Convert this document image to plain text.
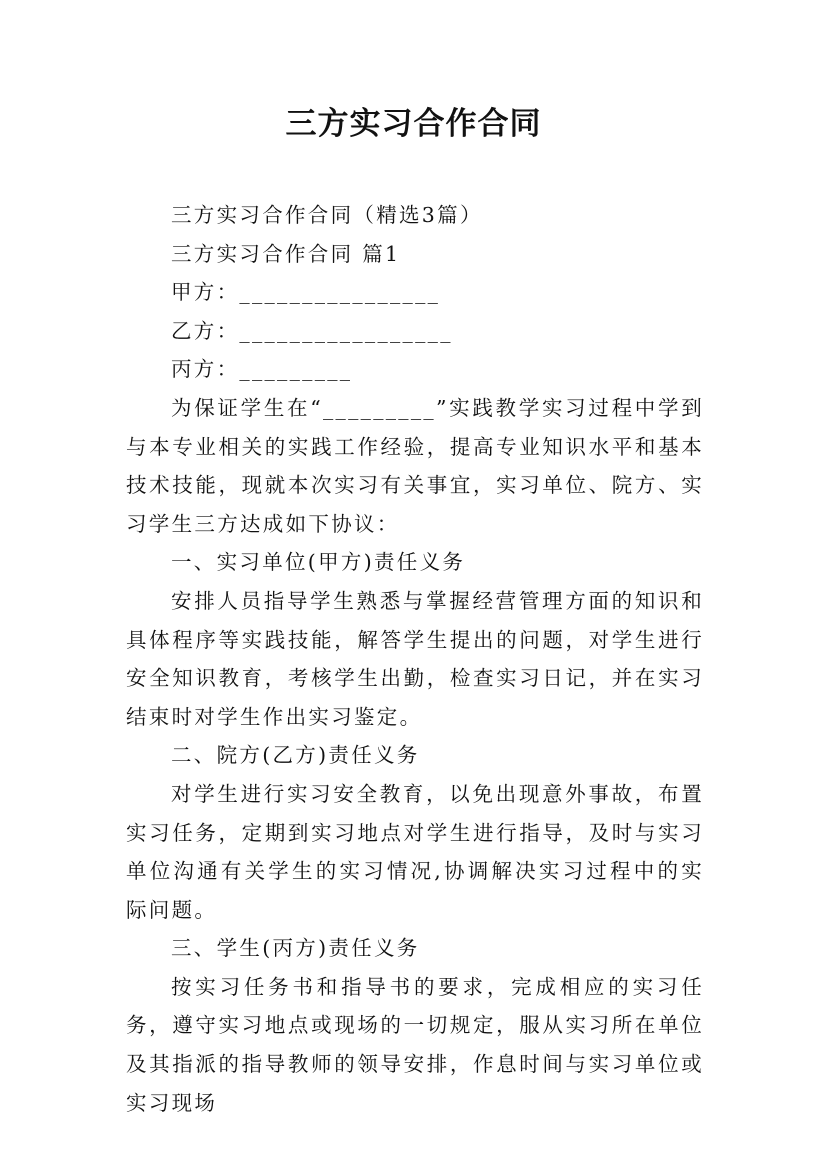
三方实习合作合同

三方实习合作合同（精选3篇）

三方实习合作合同 篇1

甲方：________________

乙方：_________________

丙方：_________

为保证学生在“_________”实践教学实习过程中学到与本专业相关的实践工作经验，提高专业知识水平和基本技术技能，现就本次实习有关事宜，实习单位、院方、实习学生三方达成如下协议：

一、实习单位(甲方)责任义务

安排人员指导学生熟悉与掌握经营管理方面的知识和具体程序等实践技能，解答学生提出的问题，对学生进行安全知识教育，考核学生出勤，检查实习日记，并在实习结束时对学生作出实习鉴定。

二、院方(乙方)责任义务

对学生进行实习安全教育，以免出现意外事故，布置实习任务，定期到实习地点对学生进行指导，及时与实习单位沟通有关学生的实习情况,协调解决实习过程中的实际问题。

三、学生(丙方)责任义务

按实习任务书和指导书的要求，完成相应的实习任务，遵守实习地点或现场的一切规定，服从实习所在单位及其指派的指导教师的领导安排，作息时间与实习单位或实习现场
